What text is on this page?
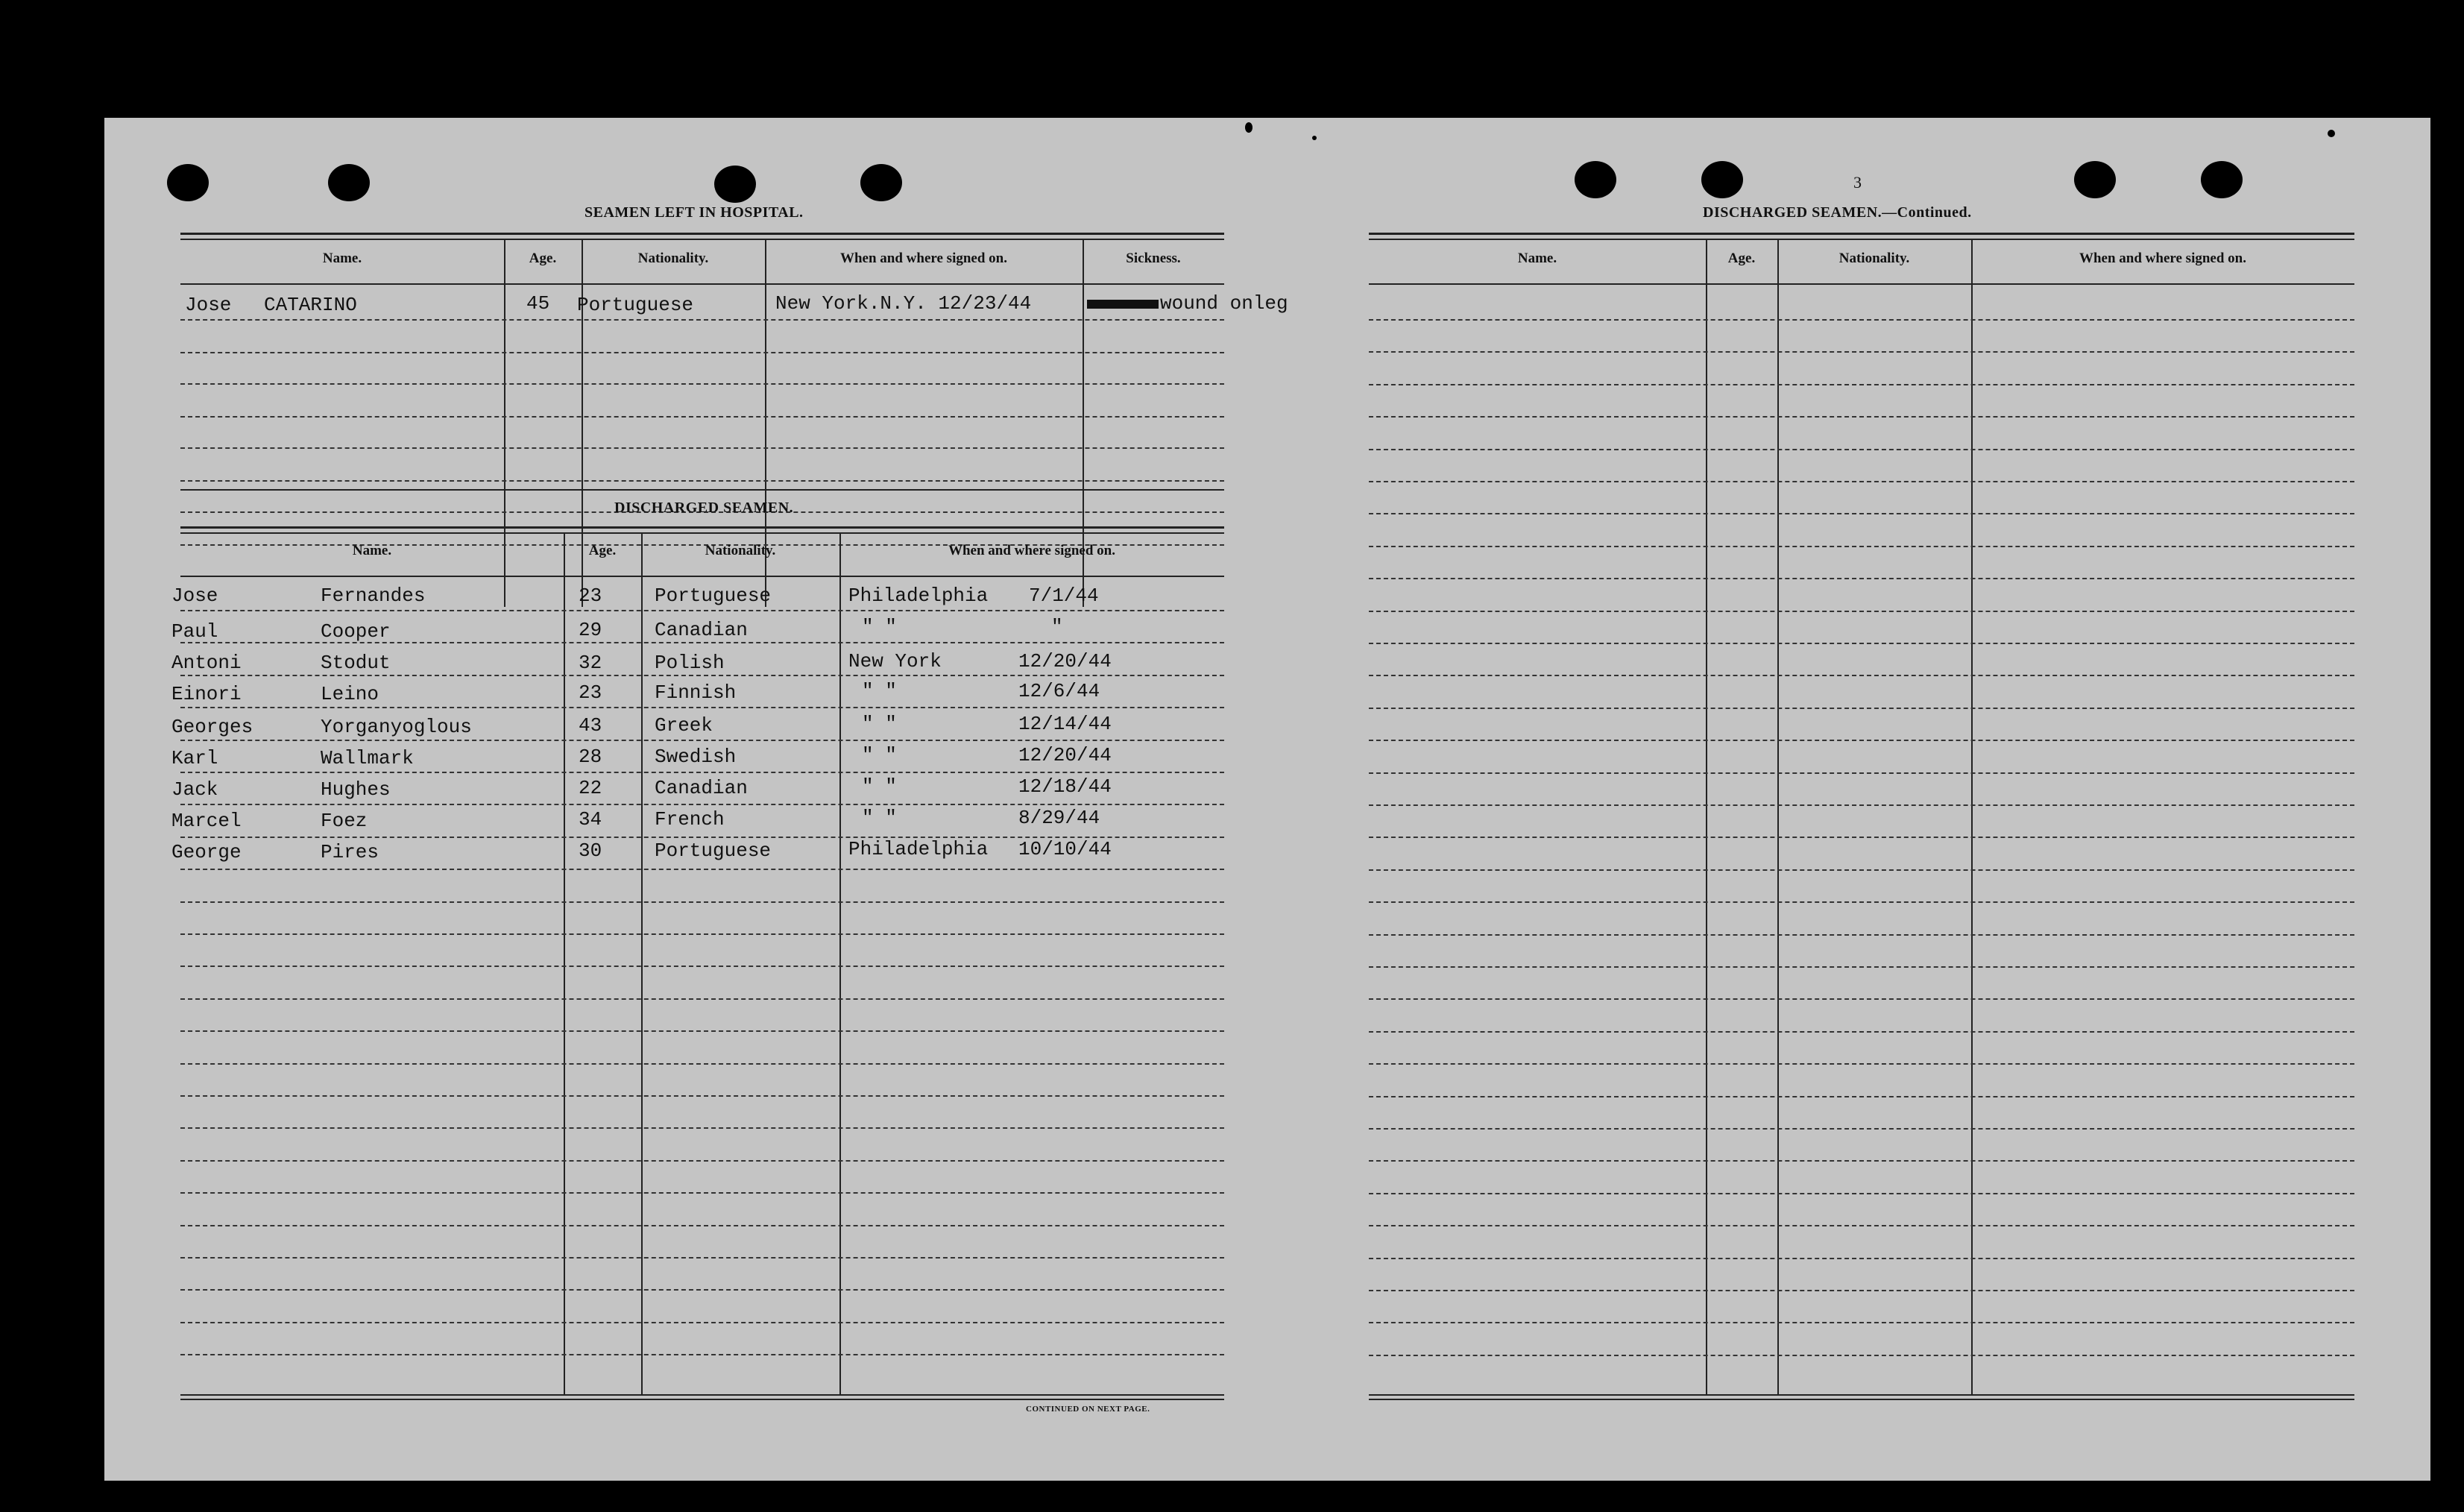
SEAMEN LEFT IN HOSPITAL.
Name.	Age.	Nationality.	When and where signed on.	Sickness.
Jose CATARINO	45 Portuguese	New York.N.Y. 12/23/44	wound onleg
DISCHARGED SEAMEN.
Name.	Age.	Nationality.	When and where signed on.
Jose	Fernandes	23	Portuguese	Philadelphia 7/1/44
Paul	Cooper	29	Canadian	" "	"
Antoni	Stodut	32	Polish	New York	12/20/44
Einori	Leino	23	Finnish	" "	12/6/44
Georges	Yorganyoglous	43	Greek	" "	12/14/44
Karl	Wallmark	28	Swedish	" "	12/20/44
Jack	Hughes	22	Canadian	" "	12/18/44
Marcel	Foez	34	French	" "	8/29/44
George	Pires	30	Portuguese	Philadelphia 10/10/44
CONTINUED ON NEXT PAGE.
3
DISCHARGED SEAMEN.—Continued.
Name.	Age.	Nationality.	When and where signed on.
